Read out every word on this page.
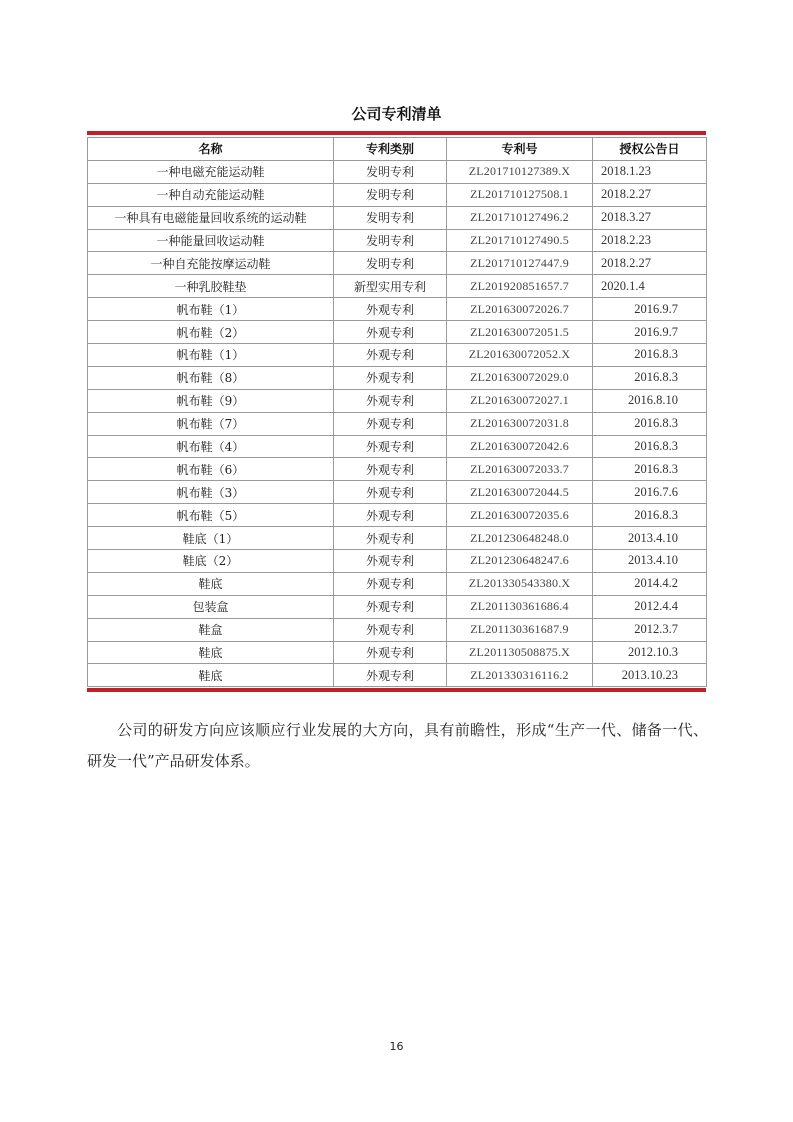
公司专利清单
名称	专利类别	专利号	授权公告日
一种电磁充能运动鞋	发明专利	ZL201710127389.X	2018.1.23
一种自动充能运动鞋	发明专利	ZL201710127508.1	2018.2.27
一种具有电磁能量回收系统的运动鞋	发明专利	ZL201710127496.2	2018.3.27
一种能量回收运动鞋	发明专利	ZL201710127490.5	2018.2.23
一种自充能按摩运动鞋	发明专利	ZL201710127447.9	2018.2.27
一种乳胶鞋垫	新型实用专利	ZL201920851657.7	2020.1.4
帆布鞋（1）	外观专利	ZL201630072026.7	2016.9.7
帆布鞋（2）	外观专利	ZL201630072051.5	2016.9.7
帆布鞋（1）	外观专利	ZL201630072052.X	2016.8.3
帆布鞋（8）	外观专利	ZL201630072029.0	2016.8.3
帆布鞋（9）	外观专利	ZL201630072027.1	2016.8.10
帆布鞋（7）	外观专利	ZL201630072031.8	2016.8.3
帆布鞋（4）	外观专利	ZL201630072042.6	2016.8.3
帆布鞋（6）	外观专利	ZL201630072033.7	2016.8.3
帆布鞋（3）	外观专利	ZL201630072044.5	2016.7.6
帆布鞋（5）	外观专利	ZL201630072035.6	2016.8.3
鞋底（1）	外观专利	ZL201230648248.0	2013.4.10
鞋底（2）	外观专利	ZL201230648247.6	2013.4.10
鞋底	外观专利	ZL201330543380.X	2014.4.2
包装盒	外观专利	ZL201130361686.4	2012.4.4
鞋盒	外观专利	ZL201130361687.9	2012.3.7
鞋底	外观专利	ZL201130508875.X	2012.10.3
鞋底	外观专利	ZL201330316116.2	2013.10.23

公司的研发方向应该顺应行业发展的大方向，具有前瞻性，形成“生产一代、储备一代、研发一代”产品研发体系。

16
